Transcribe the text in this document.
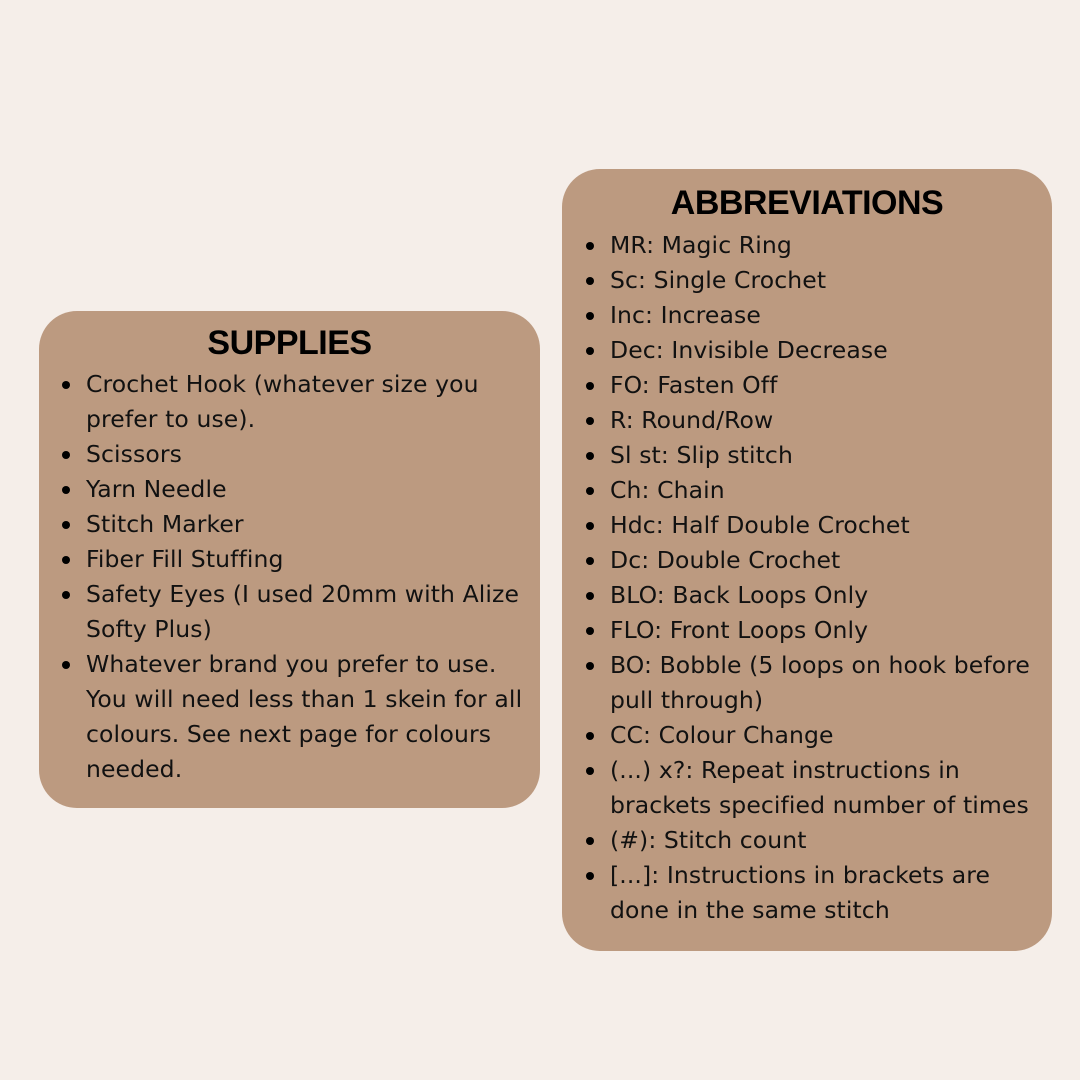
SUPPLIES
Crochet Hook (whatever size you prefer to use).
Scissors
Yarn Needle
Stitch Marker
Fiber Fill Stuffing
Safety Eyes (I used 20mm with Alize Softy Plus)
Whatever brand you prefer to use. You will need less than 1 skein for all colours. See next page for colours needed.
ABBREVIATIONS
MR: Magic Ring
Sc: Single Crochet
Inc: Increase
Dec: Invisible Decrease
FO: Fasten Off
R: Round/Row
Sl st: Slip stitch
Ch: Chain
Hdc: Half Double Crochet
Dc: Double Crochet
BLO: Back Loops Only
FLO: Front Loops Only
BO: Bobble (5 loops on hook before pull through)
CC: Colour Change
(...) x?: Repeat instructions in brackets specified number of times
(#): Stitch count
[...]: Instructions in brackets are done in the same stitch
